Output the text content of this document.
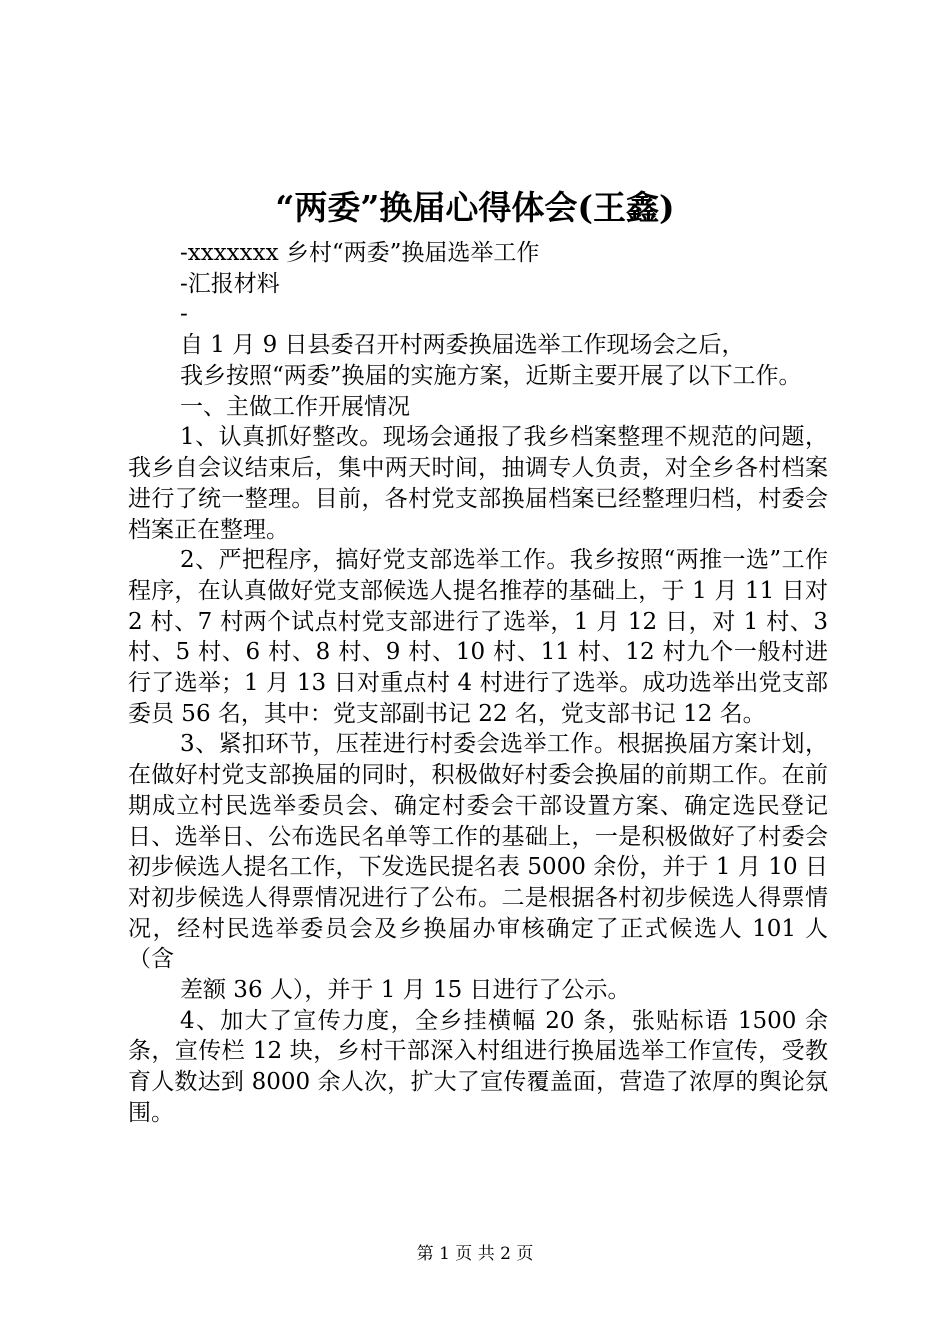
“两委”换届心得体会(王鑫)
-xxxxxxx 乡村“两委”换届选举工作
-汇报材料
-
自 1 月 9 日县委召开村两委换届选举工作现场会之后，

我乡按照“两委”换届的实施方案，近斯主要开展了以下工作。

一、主做工作开展情况

1、认真抓好整改。现场会通报了我乡档案整理不规范的问题，我乡自会议结束后，集中两天时间，抽调专人负责，对全乡各村档案进行了统一整理。目前，各村党支部换届档案已经整理归档，村委会档案正在整理。

2、严把程序，搞好党支部选举工作。我乡按照“两推一选”工作程序，在认真做好党支部候选人提名推荐的基础上，于 1 月 11 日对 2 村、7 村两个试点村党支部进行了选举，1 月 12 日，对 1 村、3 村、5 村、6 村、8 村、9 村、10 村、11 村、12 村九个一般村进行了选举；1 月 13 日对重点村 4 村进行了选举。成功选举出党支部委员 56 名，其中：党支部副书记 22 名，党支部书记 12 名。

3、紧扣环节，压茬进行村委会选举工作。根据换届方案计划，在做好村党支部换届的同时，积极做好村委会换届的前期工作。在前期成立村民选举委员会、确定村委会干部设置方案、确定选民登记日、选举日、公布选民名单等工作的基础上，一是积极做好了村委会初步候选人提名工作，下发选民提名表 5000 余份，并于 1 月 10 日对初步候选人得票情况进行了公布。二是根据各村初步候选人得票情况，经村民选举委员会及乡换届办审核确定了正式候选人 101 人（含

差额 36 人），并于 1 月 15 日进行了公示。

4、加大了宣传力度，全乡挂横幅 20 条，张贴标语 1500 余条，宣传栏 12 块，乡村干部深入村组进行换届选举工作宣传，受教育人数达到 8000 余人次，扩大了宣传覆盖面，营造了浓厚的舆论氛围。

第 1 页 共 2 页
